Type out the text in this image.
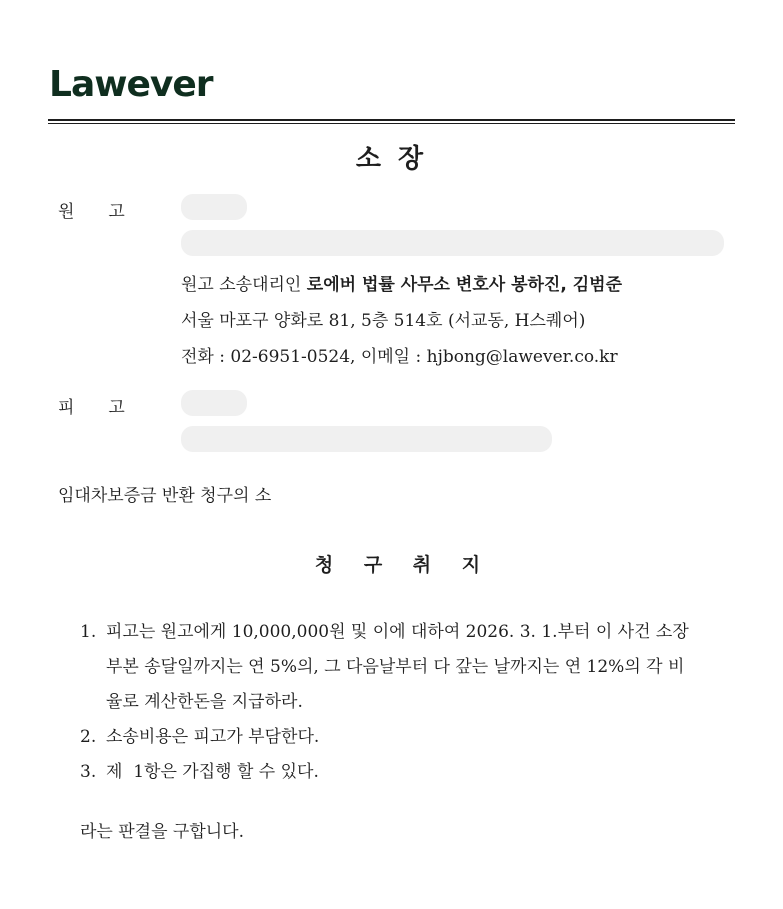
Lawever
소 장
원　　고
원고 소송대리인 로에버 법률 사무소 변호사 봉하진, 김범준
서울 마포구 양화로 81, 5층 514호 (서교동, H스퀘어)
전화 : 02-6951-0524, 이메일 : hjbong@lawever.co.kr
피　　고
임대차보증금 반환 청구의 소
청 구 취 지
1. 피고는 원고에게 10,000,000원 및 이에 대하여 2026. 3. 1.부터 이 사건 소장 부본 송달일까지는 연 5%의, 그 다음날부터 다 갚는 날까지는 연 12%의 각 비율로 계산한돈을 지급하라.
2. 소송비용은 피고가 부담한다.
3. 제  1항은 가집행 할 수 있다.
라는 판결을 구합니다.
